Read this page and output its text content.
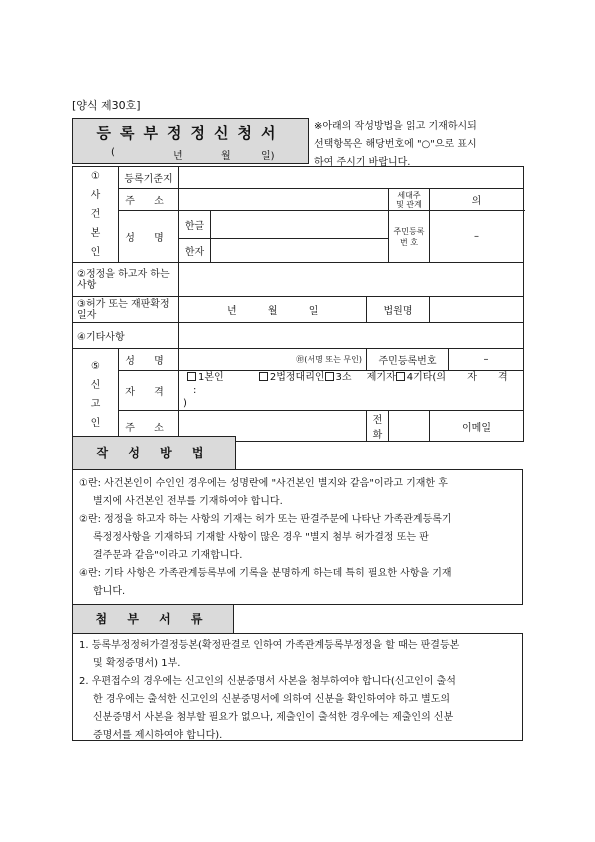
[양식 제30호]
등록부정정신청서
(	년	월	일)
※아래의 작성방법을 읽고 기재하시되
선택항목은 해당번호에 "○"으로 표시
하여 주시기 바랍니다.
①
사
건
본
인	등록기준지							
	주 소				세대주 및 관계	의		
	성 명	한글			주민등록 번 호	–		
		한자						
②정정을 하고자 하는 사항								
③허가 또는 재판확정일자		년 월 일		법원명				
④기타사항								

⑤
신
고
인	성 명	㊞(서명 또는 무인)		주민등록번호			–	
	자 격	1본인 2법정대리인 3소 제기자 4기타(의 자 격 :
)						
	주 소			전화		이메일		
작 성 방 법

①란: 사건본인이 수인인 경우에는 성명란에 "사건본인 별지와 같음"이라고 기재한 후

별지에 사건본인 전부를 기재하여야 합니다.

②란: 정정을 하고자 하는 사항의 기재는 허가 또는 판결주문에 나타난 가족관계등록기

록정정사항을 기재하되 기재할 사항이 많은 경우 "별지 첨부 허가결정 또는 판

결주문과 같음"이라고 기재합니다.

④란: 기타 사항은 가족관계등록부에 기록을 분명하게 하는데 특히 필요한 사항을 기재

합니다.

첨 부 서 류

1. 등록부정정허가결정등본(확정판결로 인하여 가족관계등록부정정을 할 때는 판결등본

및 확정증명서) 1부.

2. 우편접수의 경우에는 신고인의 신분증명서 사본을 첨부하여야 합니다(신고인이 출석

한 경우에는 출석한 신고인의 신분증명서에 의하여 신분을 확인하여야 하고 별도의

신분증명서 사본을 첨부할 필요가 없으나, 제출인이 출석한 경우에는 제출인의 신분

증명서를 제시하여야 합니다).
